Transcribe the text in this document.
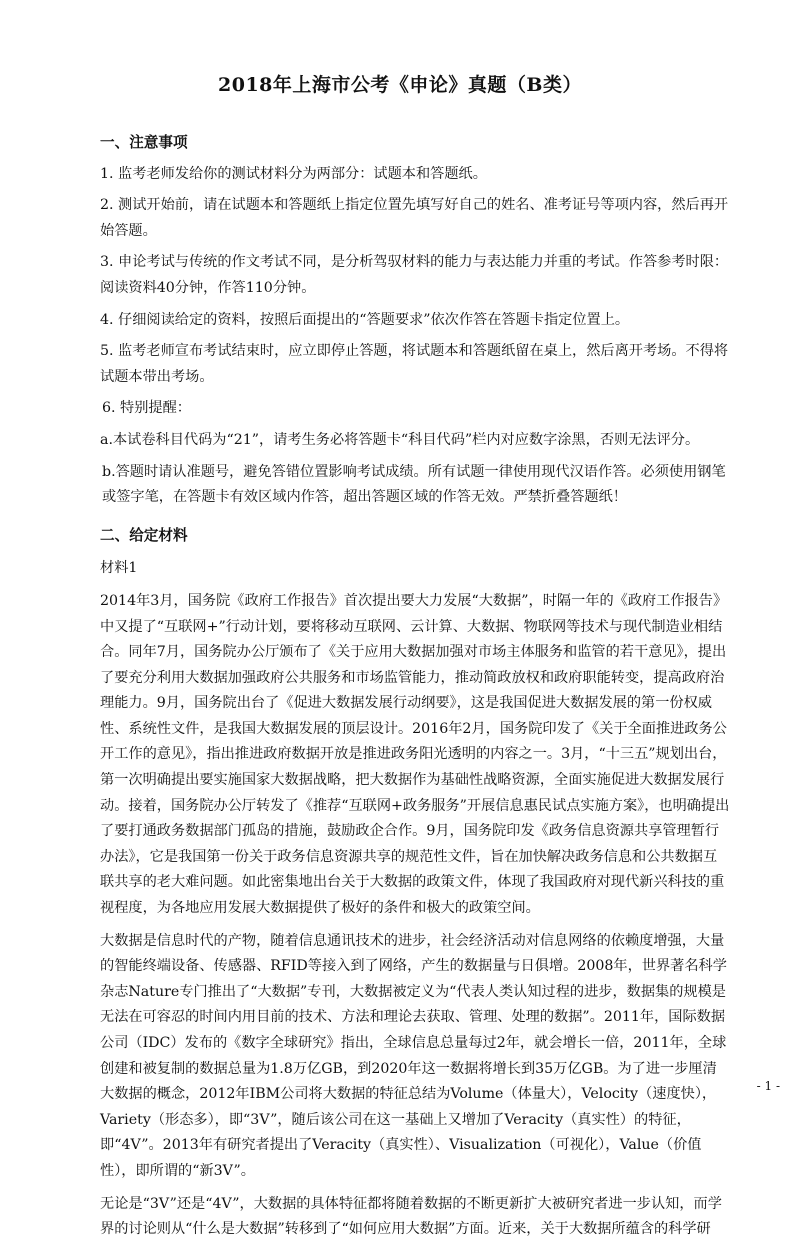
2018年上海市公考《申论》真题（B类）
一、注意事项

1. 监考老师发给你的测试材料分为两部分：试题本和答题纸。

2. 测试开始前，请在试题本和答题纸上指定位置先填写好自己的姓名、准考证号等项内容，然后再开始答题。

3. 申论考试与传统的作文考试不同，是分析驾驭材料的能力与表达能力并重的考试。作答参考时限：阅读资料40分钟，作答110分钟。

4. 仔细阅读给定的资料，按照后面提出的“答题要求”依次作答在答题卡指定位置上。

5. 监考老师宣布考试结束时，应立即停止答题，将试题本和答题纸留在桌上，然后离开考场。不得将试题本带出考场。

6. 特别提醒：

a.本试卷科目代码为“21”，请考生务必将答题卡“科目代码”栏内对应数字涂黑，否则无法评分。

b.答题时请认准题号，避免答错位置影响考试成绩。所有试题一律使用现代汉语作答。必须使用钢笔或签字笔，在答题卡有效区域内作答，超出答题区域的作答无效。严禁折叠答题纸！

二、给定材料

材料1

2014年3月，国务院《政府工作报告》首次提出要大力发展“大数据”，时隔一年的《政府工作报告》中又提了“互联网+”行动计划，要将移动互联网、云计算、大数据、物联网等技术与现代制造业相结合。同年7月，国务院办公厅颁布了《关于应用大数据加强对市场主体服务和监管的若干意见》，提出了要充分利用大数据加强政府公共服务和市场监管能力，推动简政放权和政府职能转变，提高政府治理能力。9月，国务院出台了《促进大数据发展行动纲要》，这是我国促进大数据发展的第一份权威性、系统性文件，是我国大数据发展的顶层设计。2016年2月，国务院印发了《关于全面推进政务公开工作的意见》，指出推进政府数据开放是推进政务阳光透明的内容之一。3月，“十三五”规划出台，第一次明确提出要实施国家大数据战略，把大数据作为基础性战略资源，全面实施促进大数据发展行动。接着，国务院办公厅转发了《推荐“互联网+政务服务”开展信息惠民试点实施方案》，也明确提出了要打通政务数据部门孤岛的措施，鼓励政企合作。9月，国务院印发《政务信息资源共享管理暂行办法》，它是我国第一份关于政务信息资源共享的规范性文件，旨在加快解决政务信息和公共数据互联共享的老大难问题。如此密集地出台关于大数据的政策文件，体现了我国政府对现代新兴科技的重视程度，为各地应用发展大数据提供了极好的条件和极大的政策空间。

大数据是信息时代的产物，随着信息通讯技术的进步，社会经济活动对信息网络的依赖度增强，大量的智能终端设备、传感器、RFID等接入到了网络，产生的数据量与日俱增。2008年，世界著名科学杂志Nature专门推出了“大数据”专刊，大数据被定义为“代表人类认知过程的进步，数据集的规模是无法在可容忍的时间内用目前的技术、方法和理论去获取、管理、处理的数据”。2011年，国际数据公司（IDC）发布的《数字全球研究》指出，全球信息总量每过2年，就会增长一倍，2011年，全球创建和被复制的数据总量为1.8万亿GB，到2020年这一数据将增长到35万亿GB。为了进一步厘清大数据的概念，2012年IBM公司将大数据的特征总结为Volume（体量大），Velocity（速度快），Variety（形态多），即“3V”，随后该公司在这一基础上又增加了Veracity（真实性）的特征，即“4V”。2013年有研究者提出了Veracity（真实性）、Visualization（可视化），Value（价值性），即所谓的“新3V”。

无论是“3V”还是“4V”，大数据的具体特征都将随着数据的不断更新扩大被研究者进一步认知，而学界的讨论则从“什么是大数据”转移到了“如何应用大数据”方面。近来，关于大数据所蕴含的科学研

- 1 -
